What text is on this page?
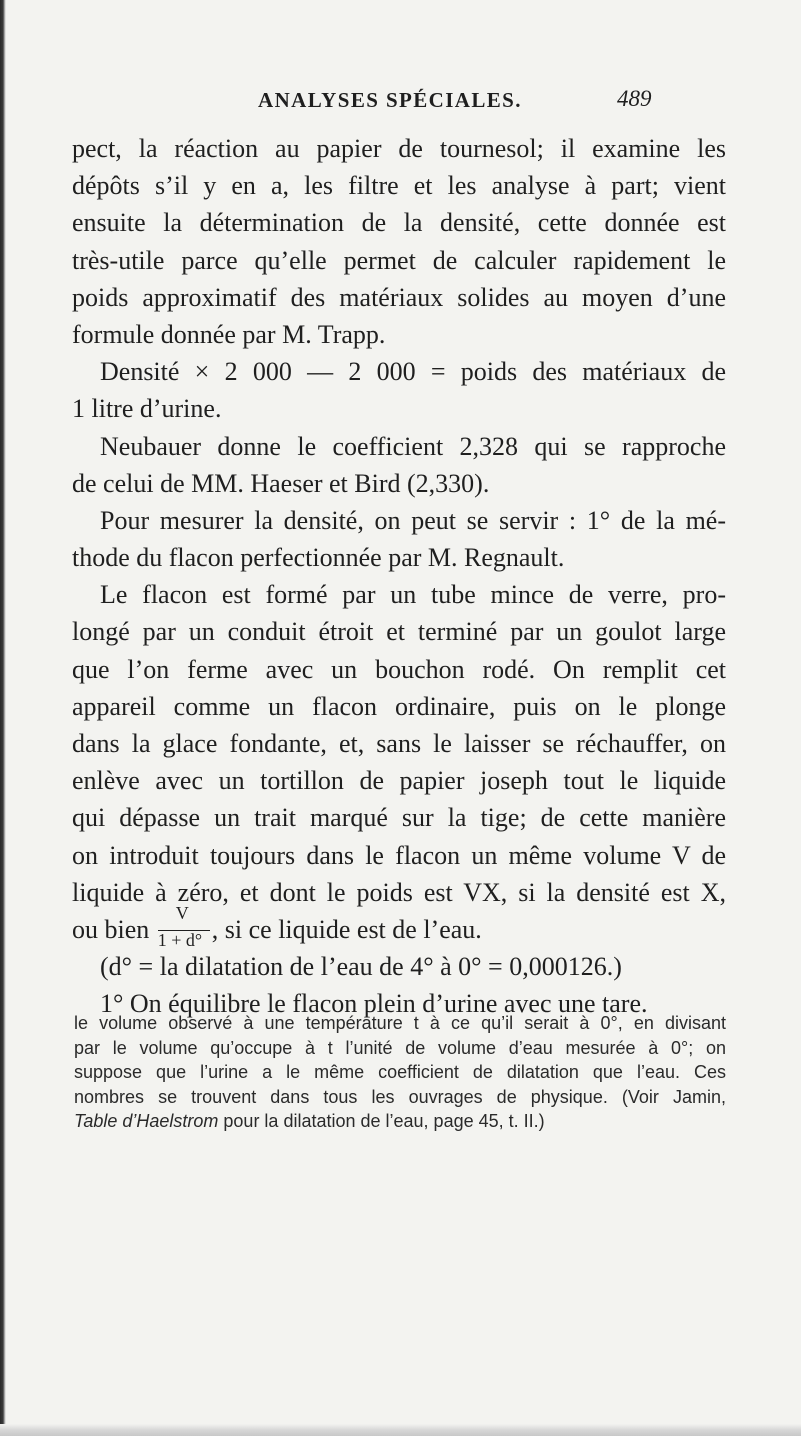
ANALYSES SPÉCIALES.	489
pect, la réaction au papier de tournesol; il examine les
dépôts s’il y en a, les filtre et les analyse à part; vient
ensuite la détermination de la densité, cette donnée est
très-utile parce qu’elle permet de calculer rapidement le
poids approximatif des matériaux solides au moyen d’une
formule donnée par M. Trapp.
Densité × 2 000 — 2 000 = poids des matériaux de
1 litre d’urine.
Neubauer donne le coefficient 2,328 qui se rapproche
de celui de MM. Haeser et Bird (2,330).
Pour mesurer la densité, on peut se servir : 1° de la mé-
thode du flacon perfectionnée par M. Regnault.
Le flacon est formé par un tube mince de verre, pro-
longé par un conduit étroit et terminé par un goulot large
que l’on ferme avec un bouchon rodé. On remplit cet
appareil comme un flacon ordinaire, puis on le plonge
dans la glace fondante, et, sans le laisser se réchauffer, on
enlève avec un tortillon de papier joseph tout le liquide
qui dépasse un trait marqué sur la tige; de cette manière
on introduit toujours dans le flacon un même volume V de
liquide à zéro, et dont le poids est VX, si la densité est X,
ou bien $\frac{V}{1 + d^\circ}$ , si ce liquide est de l’eau.
(d° = la dilatation de l’eau de 4° à 0° = 0,000126.)
1° On équilibre le flacon plein d’urine avec une tare.
le volume observé à une température t à ce qu’il serait à 0°, en divisant
par le volume qu’occupe à t l’unité de volume d’eau mesurée à 0°; on
suppose que l’urine a le même coefficient de dilatation que l’eau. Ces
nombres se trouvent dans tous les ouvrages de physique. (Voir Jamin,
Table d’Haelstrom pour la dilatation de l’eau, page 45, t. II.)
